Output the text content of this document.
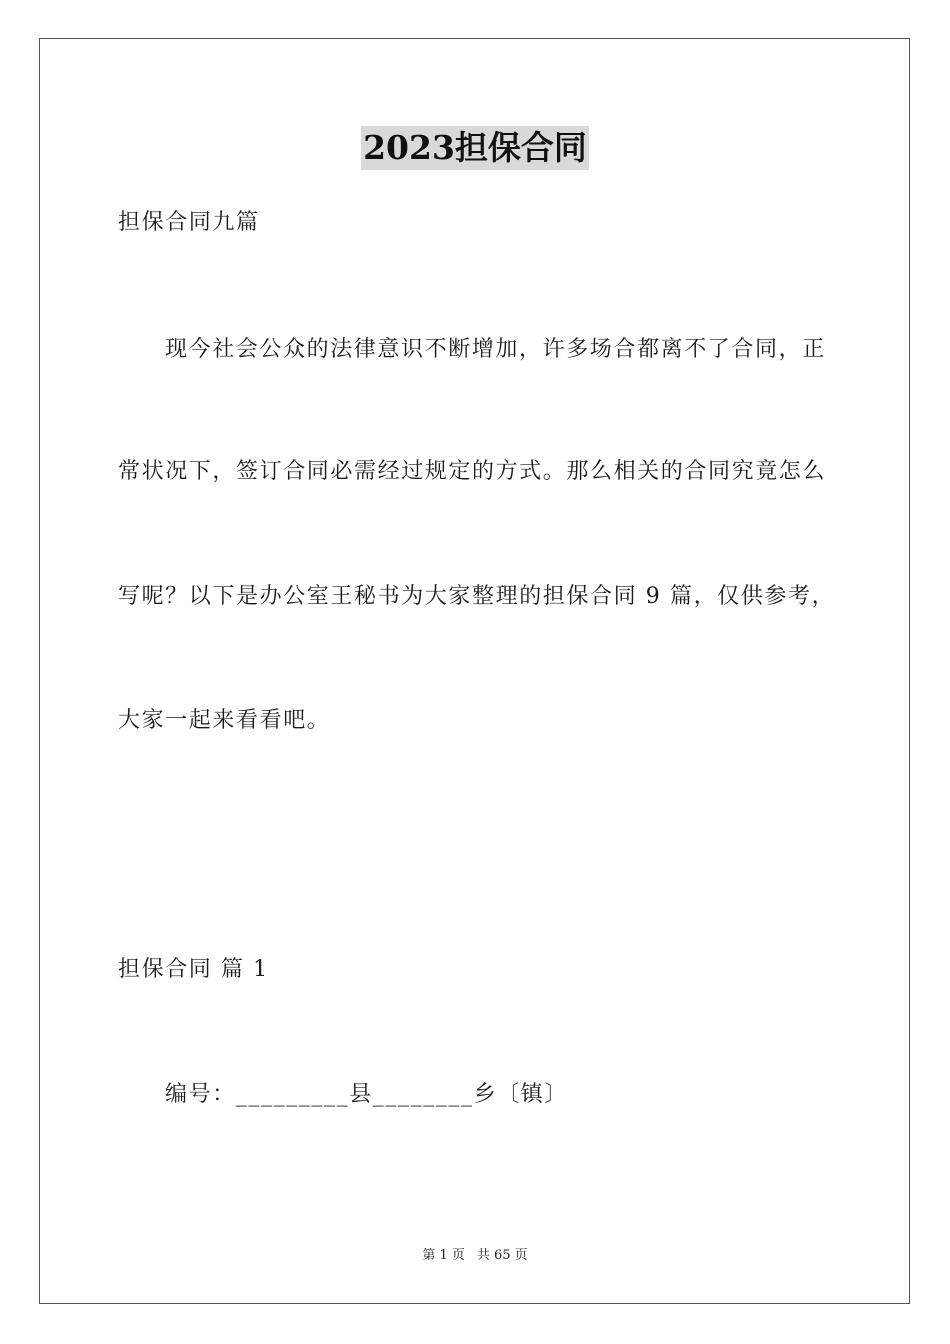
2023担保合同
担保合同九篇
现今社会公众的法律意识不断增加，许多场合都离不了合同，正
常状况下，签订合同必需经过规定的方式。那么相关的合同究竟怎么
写呢？以下是办公室王秘书为大家整理的担保合同 9 篇，仅供参考，
大家一起来看看吧。
担保合同 篇 1
编号：_________县________乡〔镇〕
第 1 页 共 65 页
